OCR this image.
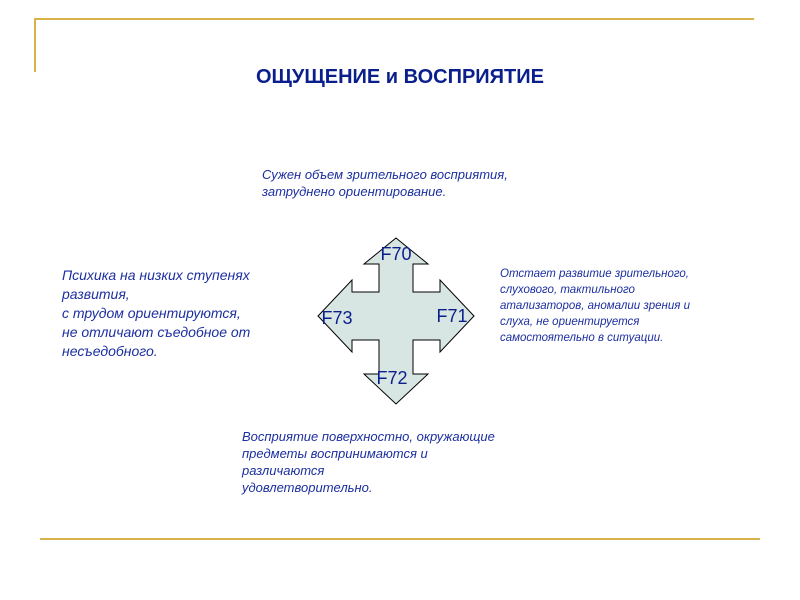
ОЩУЩЕНИЕ и ВОСПРИЯТИЕ

Сужен объем зрительного восприятия,
затруднено ориентирование.

Психика на низких ступенях
развития,
с трудом ориентируются,
не отличают съедобное от
несъедобного.

Отстает развитие зрительного,
слухового, тактильного
атализаторов, аномалии зрения и
слуха, не ориентируется
самостоятельно в ситуации.

Восприятие поверхностно, окружающие
предметы воспринимаются и
различаются
удовлетворительно.

F70
F71
F72
F73
